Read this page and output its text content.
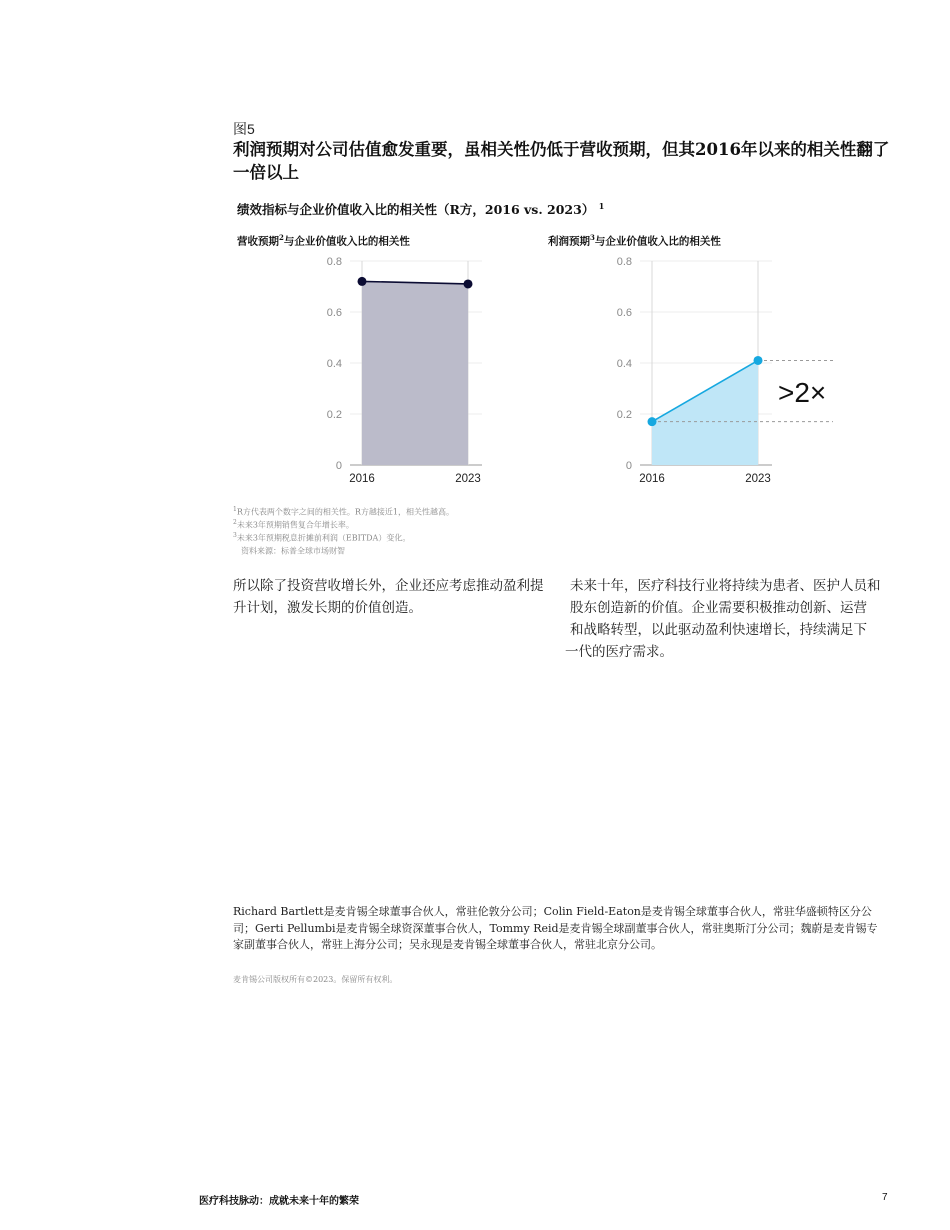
图5
利润预期对公司估值愈发重要，虽相关性仍低于营收预期，但其2016年以来的相关性翻了一倍以上
绩效指标与企业价值收入比的相关性（R方，2016 vs. 2023） $^1$
营收预期$^2$与企业价值收入比的相关性	利润预期$^3$与企业价值收入比的相关性
0
0.2
0.4
0.6
0.8
2016	2023
0
0.2
0.4
0.6
0.8
2016	2023
>2×
$^1$R方代表两个数字之间的相关性。R方越接近1，相关性越高。
$^2$未来3年预期销售复合年增长率。
$^3$未来3年预期税息折摊前利润（EBITDA）变化。
资料来源：标普全球市场财智
所以除了投资营收增长外，企业还应考虑推动盈利提升计划，激发长期的价值创造。
未来十年，医疗科技行业将持续为患者、医护人员和
股东创造新的价值。企业需要积极推动创新、运营
和战略转型，以此驱动盈利快速增长，持续满足下
一代的医疗需求。
Richard Bartlett是麦肯锡全球董事合伙人，常驻伦敦分公司；Colin Field-Eaton是麦肯锡全球董事合伙人，常驻华盛顿特区分公司；Gerti Pellumbi是麦肯锡全球资深董事合伙人，Tommy Reid是麦肯锡全球副董事合伙人，常驻奥斯汀分公司；魏蔚是麦肯锡专家副董事合伙人，常驻上海分公司；吴永现是麦肯锡全球董事合伙人，常驻北京分公司。
麦肯锡公司版权所有©2023。保留所有权利。
医疗科技脉动：成就未来十年的繁荣	7
